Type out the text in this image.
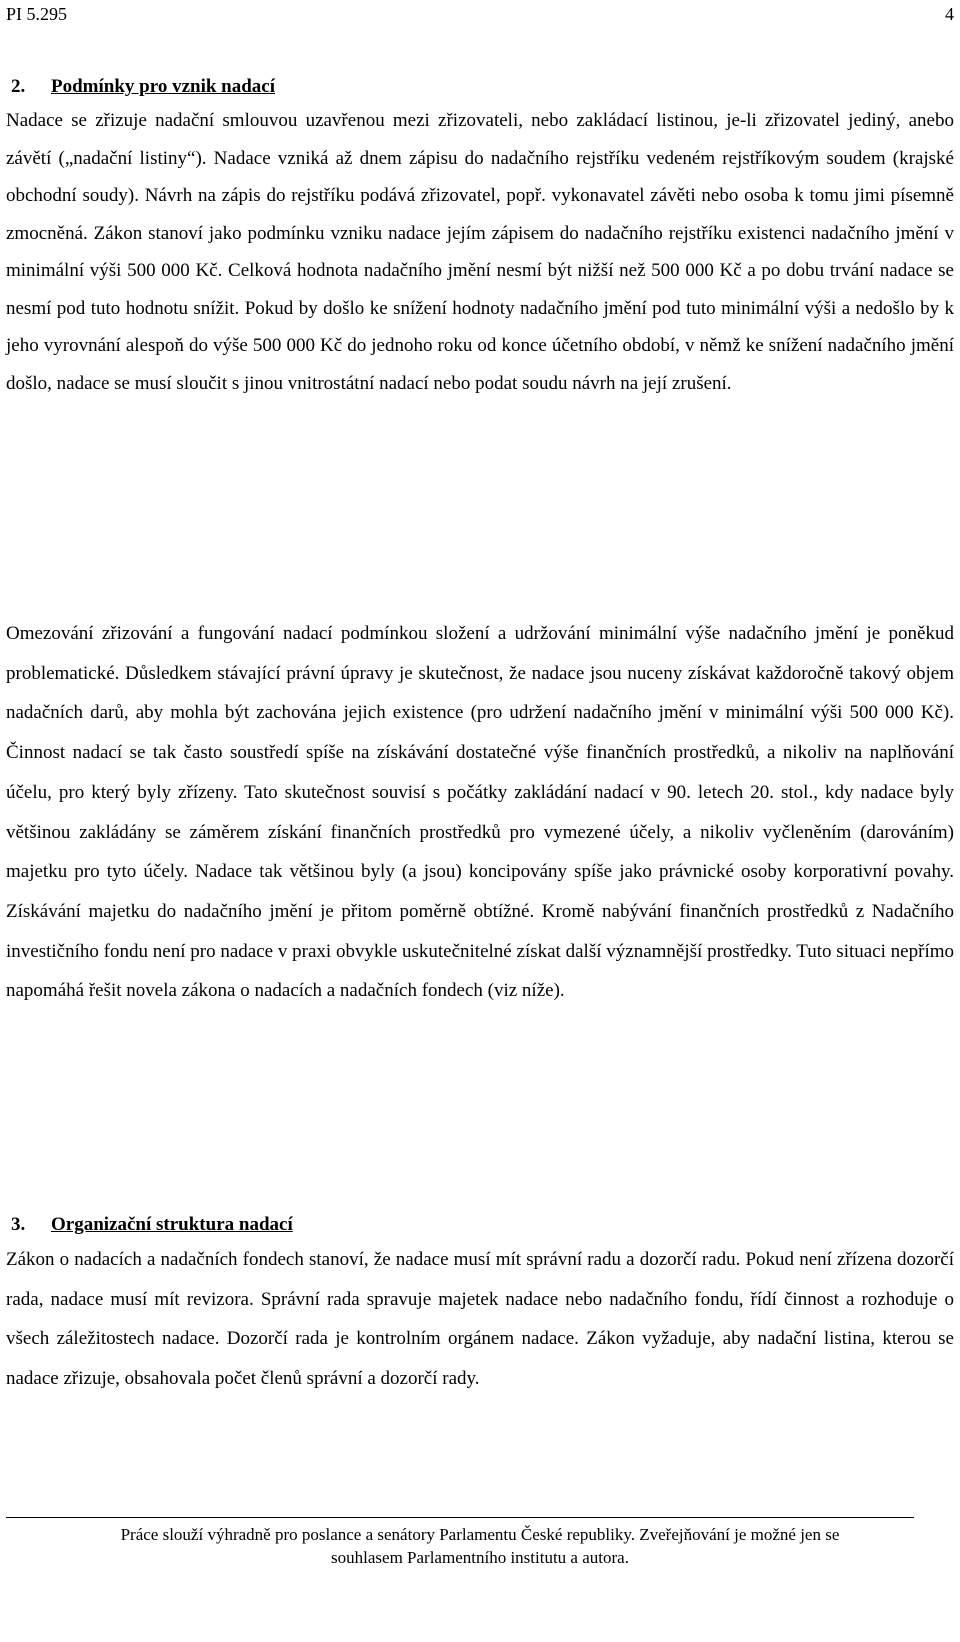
PI 5.295	4
2. Podmínky pro vznik nadací

Nadace se zřizuje nadační smlouvou uzavřenou mezi zřizovateli, nebo zakládací listinou, je-li zřizovatel jediný, anebo závětí („nadační listiny“). Nadace vzniká až dnem zápisu do nadačního rejstříku vedeném rejstříkovým soudem (krajské obchodní soudy). Návrh na zápis do rejstříku podává zřizovatel, popř. vykonavatel závěti nebo osoba k tomu jimi písemně zmocněná. Zákon stanoví jako podmínku vzniku nadace jejím zápisem do nadačního rejstříku existenci nadačního jmění v minimální výši 500 000 Kč. Celková hodnota nadačního jmění nesmí být nižší než 500 000 Kč a po dobu trvání nadace se nesmí pod tuto hodnotu snížit. Pokud by došlo ke snížení hodnoty nadačního jmění pod tuto minimální výši a nedošlo by k jeho vyrovnání alespoň do výše 500 000 Kč do jednoho roku od konce účetního období, v němž ke snížení nadačního jmění došlo, nadace se musí sloučit s jinou vnitrostátní nadací nebo podat soudu návrh na její zrušení.

Omezování zřizování a fungování nadací podmínkou složení a udržování minimální výše nadačního jmění je poněkud problematické. Důsledkem stávající právní úpravy je skutečnost, že nadace jsou nuceny získávat každoročně takový objem nadačních darů, aby mohla být zachována jejich existence (pro udržení nadačního jmění v minimální výši 500 000 Kč). Činnost nadací se tak často soustředí spíše na získávání dostatečné výše finančních prostředků, a nikoliv na naplňování účelu, pro který byly zřízeny. Tato skutečnost souvisí s počátky zakládání nadací v 90. letech 20. stol., kdy nadace byly většinou zakládány se záměrem získání finančních prostředků pro vymezené účely, a nikoliv vyčleněním (darováním) majetku pro tyto účely. Nadace tak většinou byly (a jsou) koncipovány spíše jako právnické osoby korporativní povahy. Získávání majetku do nadačního jmění je přitom poměrně obtížné. Kromě nabývání finančních prostředků z Nadačního investičního fondu není pro nadace v praxi obvykle uskutečnitelné získat další významnější prostředky. Tuto situaci nepřímo napomáhá řešit novela zákona o nadacích a nadačních fondech (viz níže).

3. Organizační struktura nadací

Zákon o nadacích a nadačních fondech stanoví, že nadace musí mít správní radu a dozorčí radu. Pokud není zřízena dozorčí rada, nadace musí mít revizora. Správní rada spravuje majetek nadace nebo nadačního fondu, řídí činnost a rozhoduje o všech záležitostech nadace. Dozorčí rada je kontrolním orgánem nadace. Zákon vyžaduje, aby nadační listina, kterou se nadace zřizuje, obsahovala počet členů správní a dozorčí rady.

Práce slouží výhradně pro poslance a senátory Parlamentu České republiky. Zveřejňování je možné jen se
souhlasem Parlamentního institutu a autora.
